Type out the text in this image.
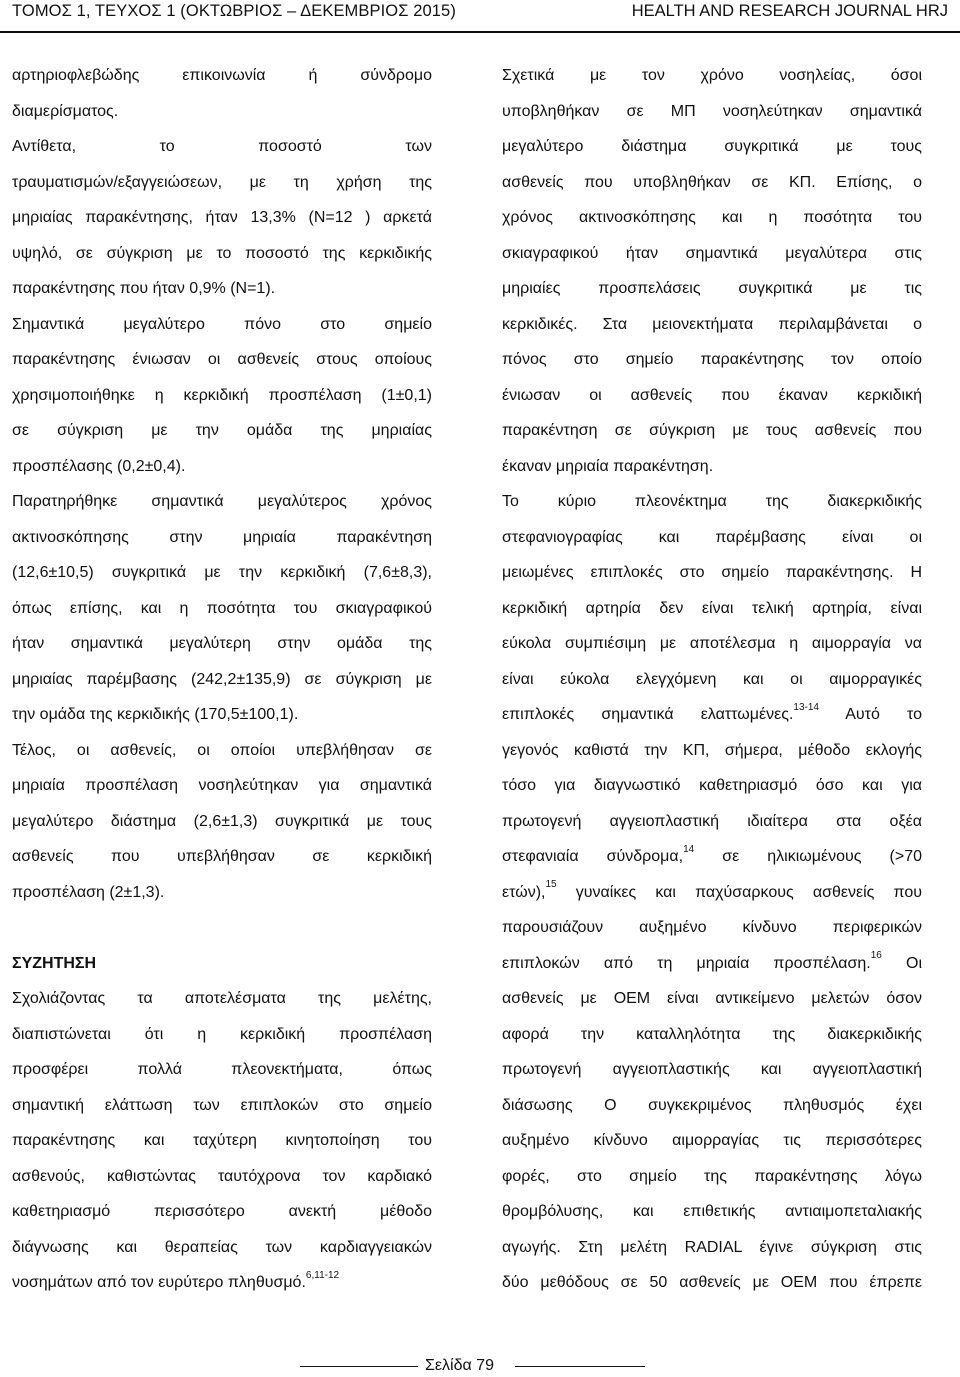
ΤΟΜΟΣ 1, ΤΕΥΧΟΣ 1 (ΟΚΤΩΒΡΙΟΣ – ΔΕΚΕΜΒΡΙΟΣ 2015)	HEALTH AND RESEARCH JOURNAL HRJ
αρτηριοφλεβώδης επικοινωνία ή σύνδρομο
διαμερίσματος.
Αντίθετα, το ποσοστό των
τραυματισμών/εξαγγειώσεων, με τη χρήση της
μηριαίας παρακέντησης, ήταν 13,3% (N=12 ) αρκετά
υψηλό, σε σύγκριση με το ποσοστό της κερκιδικής
παρακέντησης που ήταν 0,9% (N=1).
Σημαντικά μεγαλύτερο πόνο στο σημείο
παρακέντησης ένιωσαν οι ασθενείς στους οποίους
χρησιμοποιήθηκε η κερκιδική προσπέλαση (1±0,1)
σε σύγκριση με την ομάδα της μηριαίας
προσπέλασης (0,2±0,4).
Παρατηρήθηκε σημαντικά μεγαλύτερος χρόνος
ακτινοσκόπησης στην μηριαία παρακέντηση
(12,6±10,5) συγκριτικά με την κερκιδική (7,6±8,3),
όπως επίσης, και η ποσότητα του σκιαγραφικού
ήταν σημαντικά μεγαλύτερη στην ομάδα της
μηριαίας παρέμβασης (242,2±135,9) σε σύγκριση με
την ομάδα της κερκιδικής (170,5±100,1).
Τέλος, οι ασθενείς, οι οποίοι υπεβλήθησαν σε
μηριαία προσπέλαση νοσηλεύτηκαν για σημαντικά
μεγαλύτερο διάστημα (2,6±1,3) συγκριτικά με τους
ασθενείς που υπεβλήθησαν σε κερκιδική
προσπέλαση (2±1,3).
ΣΥΖΗΤΗΣΗ
Σχολιάζοντας τα αποτελέσματα της μελέτης,
διαπιστώνεται ότι η κερκιδική προσπέλαση
προσφέρει πολλά πλεονεκτήματα, όπως
σημαντική ελάττωση των επιπλοκών στο σημείο
παρακέντησης και ταχύτερη κινητοποίηση του
ασθενούς, καθιστώντας ταυτόχρονα τον καρδιακό
καθετηριασμό περισσότερο ανεκτή μέθοδο
διάγνωσης και θεραπείας των καρδιαγγειακών
νοσημάτων από τον ευρύτερο πληθυσμό.$^{6,11-12}$
Σχετικά με τον χρόνο νοσηλείας, όσοι
υποβληθήκαν σε ΜΠ νοσηλεύτηκαν σημαντικά
μεγαλύτερο διάστημα συγκριτικά με τους
ασθενείς που υποβληθήκαν σε ΚΠ. Επίσης, ο
χρόνος ακτινοσκόπησης και η ποσότητα του
σκιαγραφικού ήταν σημαντικά μεγαλύτερα στις
μηριαίες προσπελάσεις συγκριτικά με τις
κερκιδικές. Στα μειονεκτήματα περιλαμβάνεται ο
πόνος στο σημείο παρακέντησης τον οποίο
ένιωσαν οι ασθενείς που έκαναν κερκιδική
παρακέντηση σε σύγκριση με τους ασθενείς που
έκαναν μηριαία παρακέντηση.
Το κύριο πλεονέκτημα της διακερκιδικής
στεφανιογραφίας και παρέμβασης είναι οι
μειωμένες επιπλοκές στο σημείο παρακέντησης. Η
κερκιδική αρτηρία δεν είναι τελική αρτηρία, είναι
εύκολα συμπιέσιμη με αποτέλεσμα η αιμορραγία να
είναι εύκολα ελεγχόμενη και οι αιμορραγικές
επιπλοκές σημαντικά ελαττωμένες.$^{13-14}$ Αυτό το
γεγονός καθιστά την ΚΠ, σήμερα, μέθοδο εκλογής
τόσο για διαγνωστικό καθετηριασμό όσο και για
πρωτογενή αγγειοπλαστική ιδιαίτερα στα οξέα
στεφανιαία σύνδρομα,$^{14}$ σε ηλικιωμένους (>70
ετών),$^{15}$ γυναίκες και παχύσαρκους ασθενείς που
παρουσιάζουν αυξημένο κίνδυνο περιφερικών
επιπλοκών από τη μηριαία προσπέλαση.$^{16}$ Οι
ασθενείς με ΟΕΜ είναι αντικείμενο μελετών όσον
αφορά την καταλληλότητα της διακερκιδικής
πρωτογενή αγγειοπλαστικής και αγγειοπλαστική
διάσωσης Ο συγκεκριμένος πληθυσμός έχει
αυξημένο κίνδυνο αιμορραγίας τις περισσότερες
φορές, στο σημείο της παρακέντησης λόγω
θρομβόλυσης, και επιθετικής αντιαιμοπεταλιακής
αγωγής. Στη μελέτη RADIAL έγινε σύγκριση στις
δύο μεθόδους σε 50 ασθενείς με ΟΕΜ που έπρεπε
Σελίδα 79
